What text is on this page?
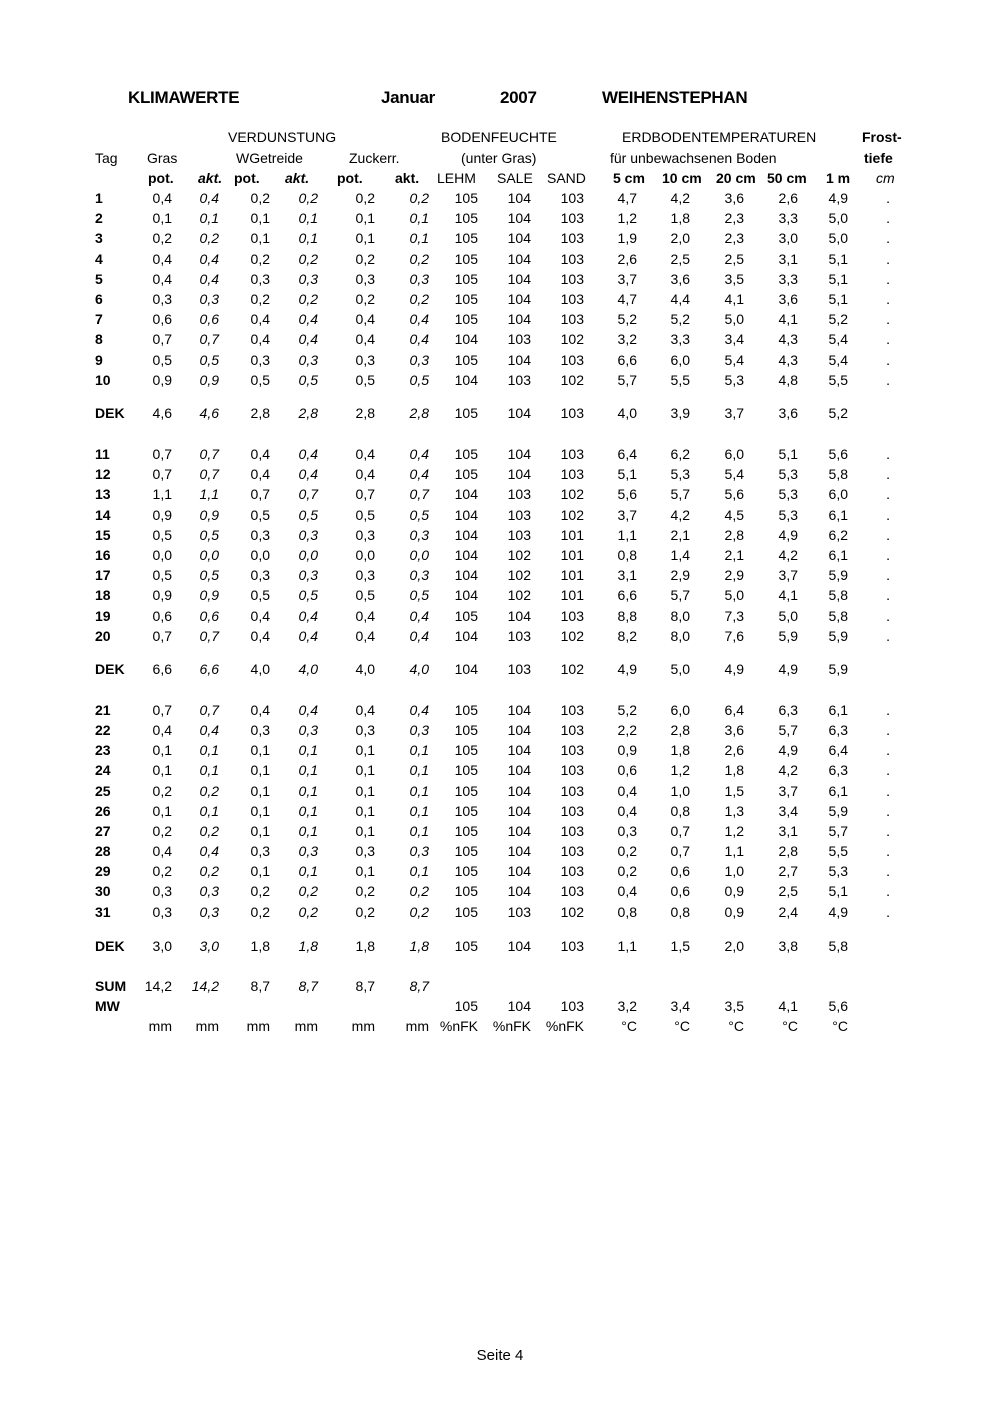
KLIMAWERTE	Januar	2007	WEIHENSTEPHAN
VERDUNSTUNG	BODENFEUCHTE	ERDBODENTEMPERATUREN	Frost-
Tag Gras	WGetreide	Zuckerr.	(unter Gras)	für unbewachsenen Boden	tiefe
pot. akt. pot. akt. pot. akt. LEHM SALE SAND 5 cm 10 cm 20 cm 50 cm 1 m cm
1	0,4 0,4 0,2 0,2	0,2 0,2 105 104 103 4,7 4,2 3,6 2,6 4,9	.
2	0,1 0,1 0,1 0,1	0,1 0,1 105 104 103 1,2 1,8 2,3 3,3 5,0	.
3	0,2 0,2 0,1 0,1	0,1 0,1 105 104 103 1,9 2,0 2,3 3,0 5,0	.
4	0,4 0,4 0,2 0,2	0,2 0,2 105 104 103 2,6 2,5 2,5 3,1 5,1	.
5	0,4 0,4 0,3 0,3	0,3 0,3 105 104 103 3,7 3,6 3,5 3,3 5,1	.
6	0,3 0,3 0,2 0,2	0,2 0,2 105 104 103 4,7 4,4 4,1 3,6 5,1	.
7	0,6 0,6 0,4 0,4	0,4 0,4 105 104 103 5,2 5,2 5,0 4,1 5,2	.
8	0,7 0,7 0,4 0,4	0,4 0,4 104 103 102 3,2 3,3 3,4 4,3 5,4	.
9	0,5 0,5 0,3 0,3	0,3 0,3 105 104 103 6,6 6,0 5,4 4,3 5,4	.
10	0,9 0,9 0,5 0,5	0,5 0,5 104 103 102 5,7 5,5 5,3 4,8 5,5	.
DEK 4,6 4,6 2,8 2,8	2,8 2,8 105 104 103 4,0 3,9 3,7 3,6 5,2
11	0,7 0,7 0,4 0,4	0,4 0,4 105 104 103 6,4 6,2 6,0 5,1 5,6	.
12	0,7 0,7 0,4 0,4	0,4 0,4 105 104 103 5,1 5,3 5,4 5,3 5,8	.
13	1,1 1,1 0,7 0,7	0,7 0,7 104 103 102 5,6 5,7 5,6 5,3 6,0	.
14	0,9 0,9 0,5 0,5	0,5 0,5 104 103 102 3,7 4,2 4,5 5,3 6,1	.
15	0,5 0,5 0,3 0,3	0,3 0,3 104 103 101 1,1 2,1 2,8 4,9 6,2	.
16	0,0 0,0 0,0 0,0	0,0 0,0 104 102 101 0,8 1,4 2,1 4,2 6,1	.
17	0,5 0,5 0,3 0,3	0,3 0,3 104 102 101 3,1 2,9 2,9 3,7 5,9	.
18	0,9 0,9 0,5 0,5	0,5 0,5 104 102 101 6,6 5,7 5,0 4,1 5,8	.
19	0,6 0,6 0,4 0,4	0,4 0,4 105 104 103 8,8 8,0 7,3 5,0 5,8	.
20	0,7 0,7 0,4 0,4	0,4 0,4 104 103 102 8,2 8,0 7,6 5,9 5,9	.
DEK 6,6 6,6 4,0 4,0	4,0 4,0 104 103 102 4,9 5,0 4,9 4,9 5,9
21	0,7 0,7 0,4 0,4	0,4 0,4 105 104 103 5,2 6,0 6,4 6,3 6,1	.
22	0,4 0,4 0,3 0,3	0,3 0,3 105 104 103 2,2 2,8 3,6 5,7 6,3	.
23	0,1 0,1 0,1 0,1	0,1 0,1 105 104 103 0,9 1,8 2,6 4,9 6,4	.
24	0,1 0,1 0,1 0,1	0,1 0,1 105 104 103 0,6 1,2 1,8 4,2 6,3	.
25	0,2 0,2 0,1 0,1	0,1 0,1 105 104 103 0,4 1,0 1,5 3,7 6,1	.
26	0,1 0,1 0,1 0,1	0,1 0,1 105 104 103 0,4 0,8 1,3 3,4 5,9	.
27	0,2 0,2 0,1 0,1	0,1 0,1 105 104 103 0,3 0,7 1,2 3,1 5,7	.
28	0,4 0,4 0,3 0,3	0,3 0,3 105 104 103 0,2 0,7 1,1 2,8 5,5	.
29	0,2 0,2 0,1 0,1	0,1 0,1 105 104 103 0,2 0,6 1,0 2,7 5,3	.
30	0,3 0,3 0,2 0,2	0,2 0,2 105 104 103 0,4 0,6 0,9 2,5 5,1	.
31	0,3 0,3 0,2 0,2	0,2 0,2 105 103 102 0,8 0,8 0,9 2,4 4,9	.
DEK 3,0 3,0 1,8 1,8	1,8 1,8 105 104 103 1,1 1,5 2,0 3,8 5,8
SUM 14,2 14,2 8,7 8,7	8,7 8,7
MW	105 104 103 3,2 3,4 3,5 4,1 5,6
mm mm mm mm mm mm %nFK %nFK %nFK	°C	°C	°C	°C °C
Seite 4
